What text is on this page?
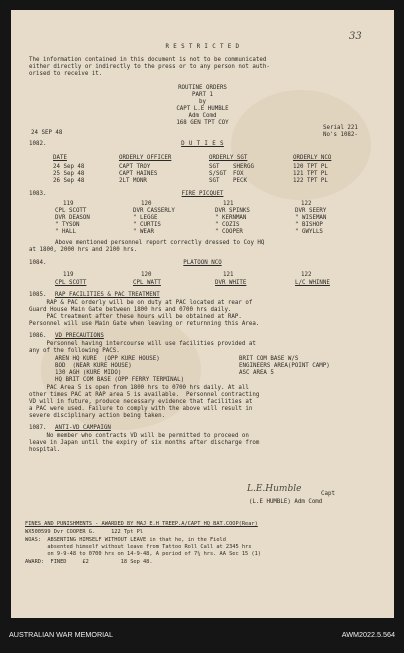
R E S T R I C T E D
33
The information contained in this document is not to be communicated
either directly or indirectly to the press or to any person not auth-
orised to receive it.
ROUTINE ORDERS
PART 1
by
CAPT L.E HUMBLE
Adm Comd
168 GEN TPT COY
24 SEP 48
Serial 221
No's 1082-
1082.	D U T I E S
DATE	ORDERLY OFFICER	ORDERLY SGT	ORDERLY NCO
24 Sep 48	CAPT TROY	SGT SHERGG	120 TPT PL
25 Sep 48	CAPT HAINES	S/SGT FOX	121 TPT PL
26 Sep 48	2LT MONR	SGT PECK	122 TPT PL
1083.	FIRE PICQUET
119	120	121	122
CPL SCOTT	DVR CASSERLY	DVR SPINKS	DVR SEERY
DVR DEASON	" LEGGE	" KERNMAN	" WISEMAN
" TYSON	" CURTIS	" COZIS	" BISHOP
" HALL	" WEAR	" COOPER	" GWYLLS
Above mentioned personnel report correctly dressed to Coy HQ
at 1800, 2000 hrs and 2100 hrs.
1084.	PLATOON NCO
119	120	121	122
CPL SCOTT	CPL WATT	DVR WHITE	L/C WHINNE
1085. RAP FACILITIES & PAC TREATMENT
RAP & PAC orderly will be on duty at PAC located at rear of
Guard House Main Gate between 1800 hrs and 0700 hrs daily.
PAC treatment after these hours will be obtained at RAP.
Personnel will use Main Gate when leaving or returnning this Area.
1086. VD PRECAUTIONS
Personnel having intercourse will use facilities provided at
any of the following PACS.
AREN HQ KURE  (OPP KURE HOUSE)	BRIT COM BASE W/S
BOD  (NEAR KURE HOUSE)	ENGINEERS AREA(POINT CAMP)
130 AGH (KURE MIDO)	ASC AREA 5
HQ BRIT COM BASE (OPP FERRY TERMINAL)
PAC Area 5 is open from 1800 hrs to 0700 hrs daily. At all
other times PAC at RAP area 5 is available.  Personnel contracting
VD will in future, produce necessary evidence that facilities at
a PAC were used. Failure to comply with the above will result in
severe disciplinary action being taken.
1087. ANTI-VD CAMPAIGN
No member who contracts VD will be permitted to proceed on
leave in Japan until the expiry of six months after discharge from
hospital.
L.E.Humble	Capt
(L.E HUMBLE) Adm Comd
FINES AND PUNISHMENTS - AWARDED BY MAJ E.H TREEP.A/CAPT HQ BAT.COOP(Rear)
WX500599 Dvr COOPER G.     122 Tpt Pl
WOAS:  ABSENTING HIMSELF WITHOUT LEAVE in that he, in the Field
absented himself without leave from Tattoo Roll Call at 2345 hrs
on 9-9-48 to 0700 hrs on 14-9-48, A period of 7¼ hrs. AA Sec 15 (1)
AWARD:  FINED     £2          18 Sep 48.
AUSTRALIAN WAR MEMORIAL	AWM2022.5.564
